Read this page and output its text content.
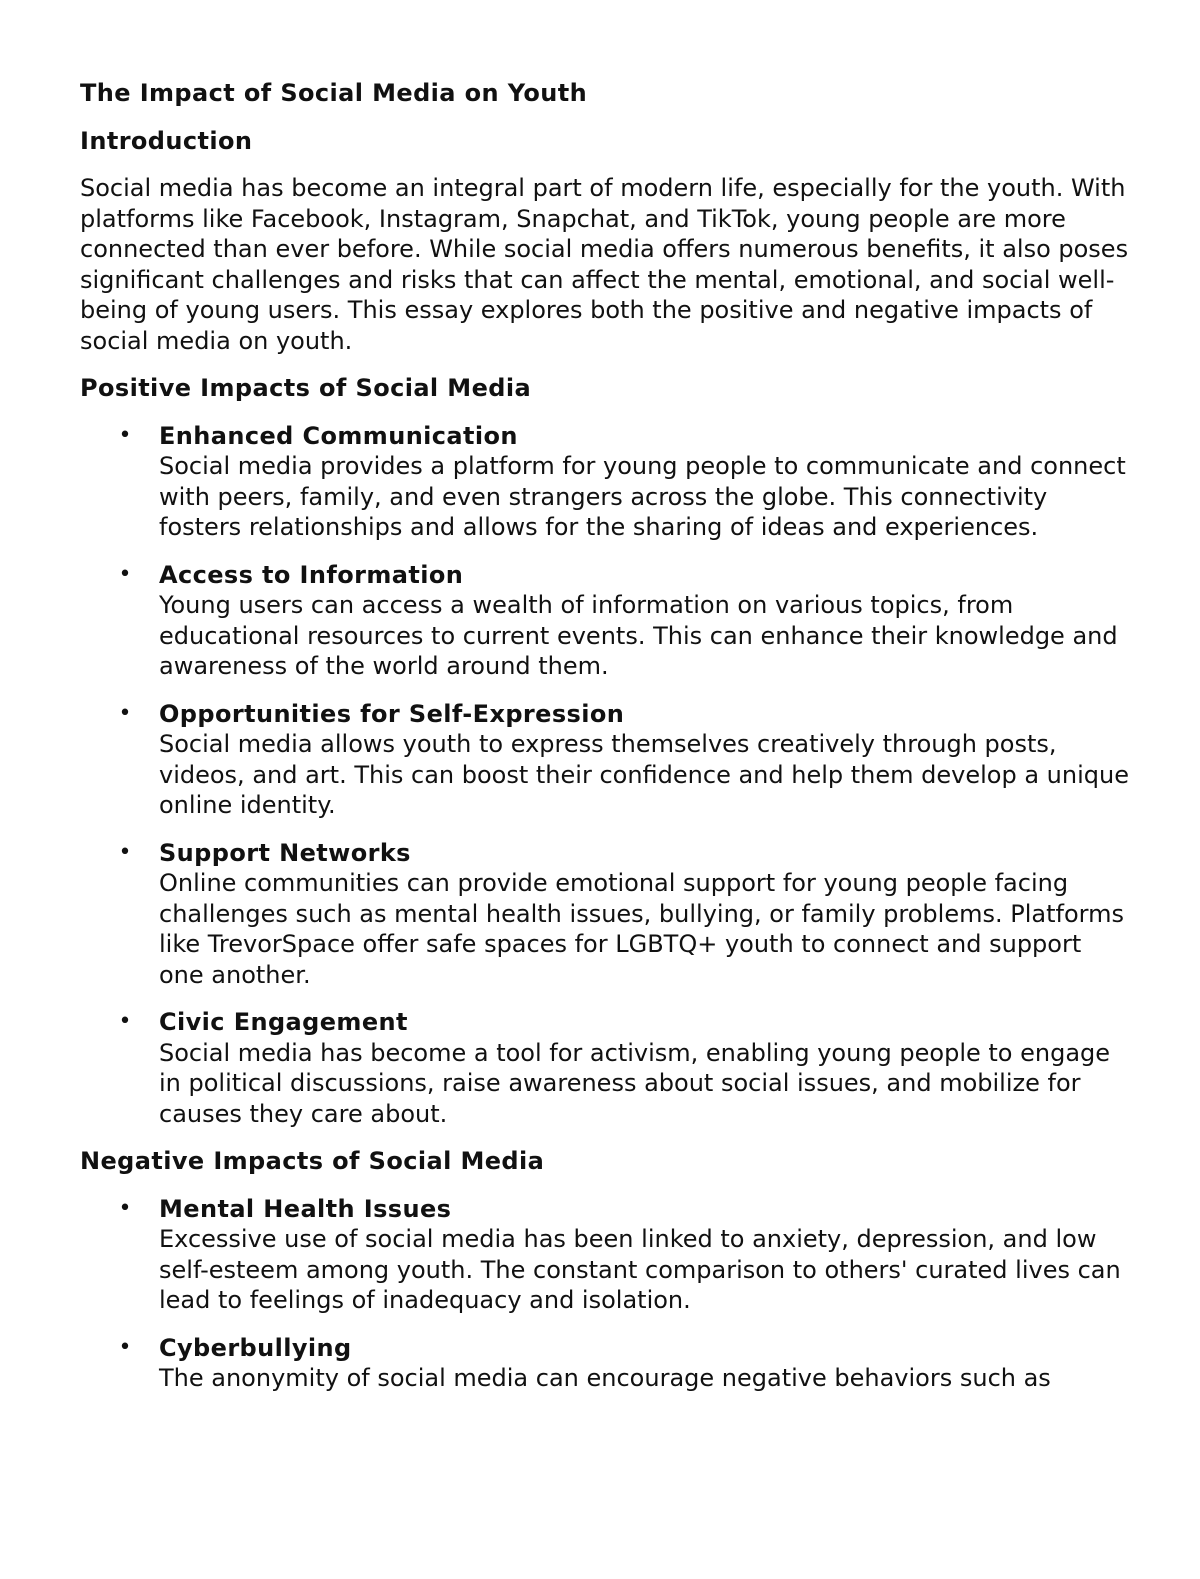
The Impact of Social Media on Youth
Introduction
Social media has become an integral part of modern life, especially for the youth. With platforms like Facebook, Instagram, Snapchat, and TikTok, young people are more connected than ever before. While social media offers numerous benefits, it also poses significant challenges and risks that can affect the mental, emotional, and social well-being of young users. This essay explores both the positive and negative impacts of social media on youth.
Positive Impacts of Social Media
• Enhanced Communication
Social media provides a platform for young people to communicate and connect with peers, family, and even strangers across the globe. This connectivity fosters relationships and allows for the sharing of ideas and experiences.
• Access to Information
Young users can access a wealth of information on various topics, from educational resources to current events. This can enhance their knowledge and awareness of the world around them.
• Opportunities for Self-Expression
Social media allows youth to express themselves creatively through posts, videos, and art. This can boost their confidence and help them develop a unique online identity.
• Support Networks
Online communities can provide emotional support for young people facing challenges such as mental health issues, bullying, or family problems. Platforms like TrevorSpace offer safe spaces for LGBTQ+ youth to connect and support one another.
• Civic Engagement
Social media has become a tool for activism, enabling young people to engage in political discussions, raise awareness about social issues, and mobilize for causes they care about.
Negative Impacts of Social Media
• Mental Health Issues
Excessive use of social media has been linked to anxiety, depression, and low self-esteem among youth. The constant comparison to others' curated lives can lead to feelings of inadequacy and isolation.
• Cyberbullying
The anonymity of social media can encourage negative behaviors such as
